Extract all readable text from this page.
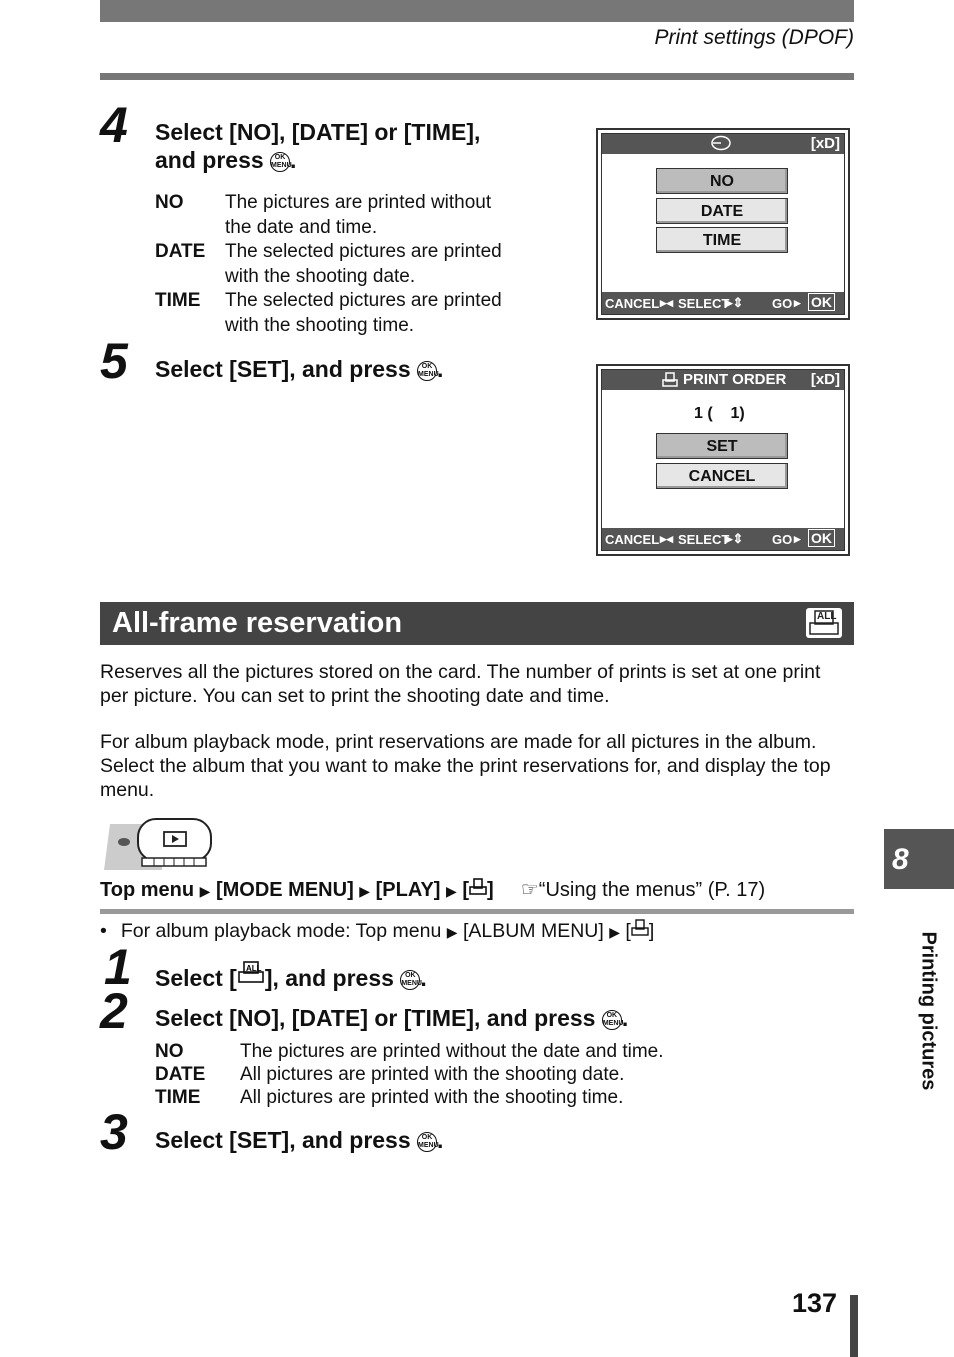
Print settings (DPOF)
4 Select [NO], [DATE] or [TIME],
and press OK
MENU.
NO The pictures are printed without
the date and time.
DATE The selected pictures are printed
with the shooting date.
TIME The selected pictures are printed
with the shooting time.
5 Select [SET], and press OK
MENU.
[xD]
NO
DATE
TIME
CANCEL ▸◂ SELECT
▸⇕ GO ▸ OK
PRINT ORDER [xD]
1 (    1)
SET
CANCEL
CANCEL ▸◂ SELECT
▸⇕ GO ▸ OK
All-frame reservation	ALL
Reserves all the pictures stored on the card. The number of prints is set at one print
per picture. You can set to print the shooting date and time.
For album playback mode, print reservations are made for all pictures in the album.
Select the album that you want to make the print reservations for, and display the top
menu.
Top menu ▶ [MODE MENU] ▶ [PLAY] ▶ [ ] ☞“Using the menus” (P. 17)
• For album playback mode: Top menu ▶ [ALBUM MENU] ▶ [ ]
1 Select [ ALL ], and press OK
MENU.
2 Select [NO], [DATE] or [TIME], and press OK
MENU.
NO	The pictures are printed without the date and time.
DATE All pictures are printed with the shooting date.
TIME All pictures are printed with the shooting time.
3 Select [SET], and press OK
MENU.
8
Printing pictures
137
